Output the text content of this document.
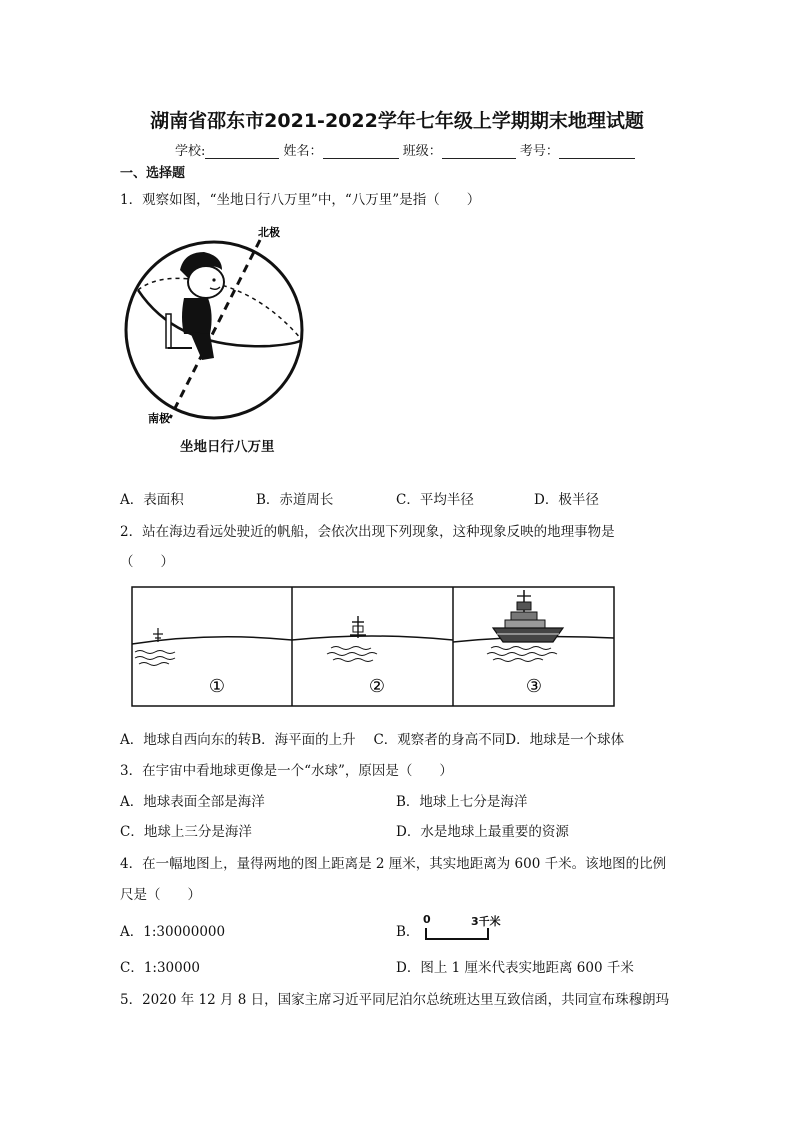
湖南省邵东市2021-2022学年七年级上学期期末地理试题
学校:	姓名：	班级：	考号：
一、选择题
1．观察如图，“坐地日行八万里”中，“八万里”是指（　　）
北极
南极
坐地日行八万里
A．表面积	B．赤道周长	C．平均半径	D．极半径
2．站在海边看远处驶近的帆船，会依次出现下列现象，这种现象反映的地理事物是
（　　）
①	②	③
A．地球自西向东的转B．海平面的上升　 C．观察者的身高不同D．地球是一个球体
3．在宇宙中看地球更像是一个“水球”，原因是（　　）
A．地球表面全部是海洋	B．地球上七分是海洋
C．地球上三分是海洋	D．水是地球上最重要的资源
4．在一幅地图上，量得两地的图上距离是 2 厘米，其实地距离为 600 千米。该地图的比例
尺是（　　）
A．1:30000000	B．
0	3千米
C．1:30000	D．图上 1 厘米代表实地距离 600 千米
5．2020 年 12 月 8 日，国家主席习近平同尼泊尔总统班达里互致信函，共同宣布珠穆朗玛
